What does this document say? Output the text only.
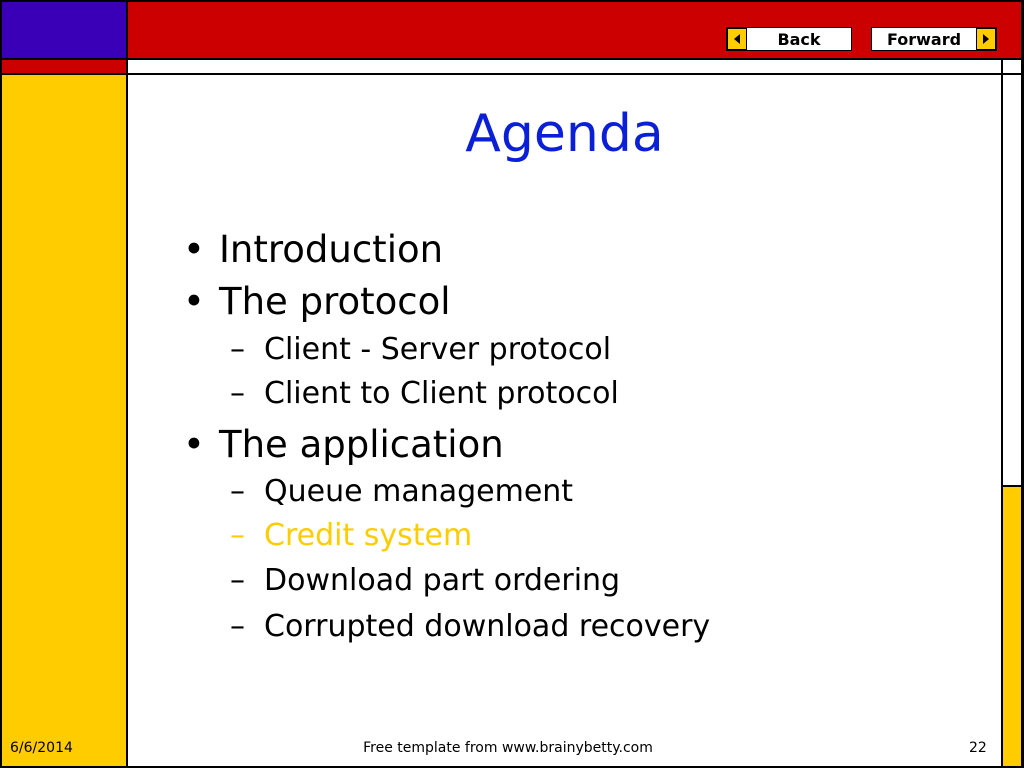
Back	Forward
Agenda
• Introduction
• The protocol
– Client - Server protocol
– Client to Client protocol
• The application
– Queue management
– Credit system
– Download part ordering
– Corrupted download recovery
6/6/2014	Free template from www.brainybetty.com	22
